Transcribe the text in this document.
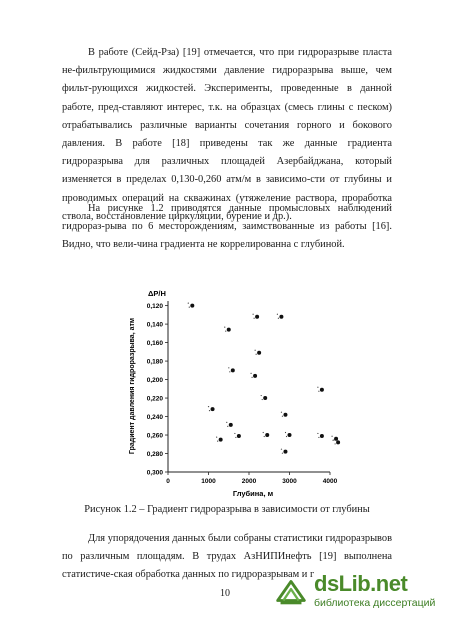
В работе (Сейд-Рза) [19] отмечается, что при гидроразрыве пласта не-фильтрующимися жидкостями давление гидроразрыва выше, чем фильт-рующихся жидкостей. Эксперименты, проведенные в данной работе, пред-ставляют интерес, т.к. на образцах (смесь глины с песком) отрабатывались различные варианты сочетания горного и бокового давления. В работе [18] приведены так же данные градиента гидроразрыва для различных площадей Азербайджана, который изменяется в пределах 0,130-0,260 атм/м в зависимо-сти от глубины и проводимых операций на скважинах (утяжеление раствора, проработка ствола, восстановление циркуляции, бурение и др.).

На рисунке 1.2 приводятся данные промысловых наблюдений гидрораз-рыва по 6 месторождениям, заимствованные из работы [16]. Видно, что вели-чина градиента не коррелированна с глубиной.

0,120
0,140
0,160
0,180
0,200
0,220
0,240
0,260
0,280
0,300
0	1000	2000	3000	4000
ΔP/H
Градиент давления гидроразрыва, атм
Глубина, м

Рисунок 1.2 – Градиент гидроразрыва в зависимости от глубины

Для упорядочения данных были собраны статистики гидроразрывов по различным площадям. В трудах АзНИПИнефть [19] выполнена статистиче-ская обработка данных по гидроразрывам и г

10	dsLib.net
библиотека диссертаций
